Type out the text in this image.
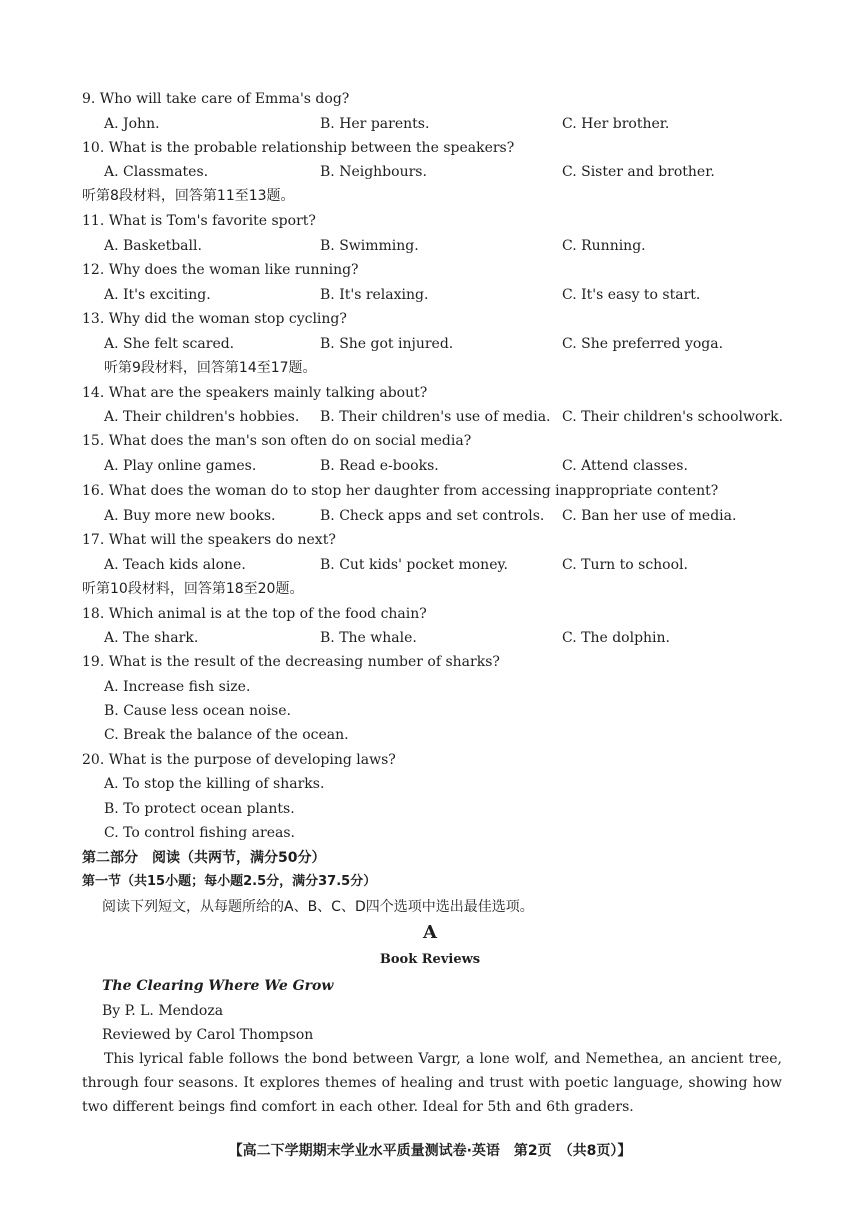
9. Who will take care of Emma's dog?
A. John.	B. Her parents.	C. Her brother.
10. What is the probable relationship between the speakers?
A. Classmates.	B. Neighbours.	C. Sister and brother.
听第8段材料，回答第11至13题。
11. What is Tom's favorite sport?
A. Basketball.	B. Swimming.	C. Running.
12. Why does the woman like running?
A. It's exciting.	B. It's relaxing.	C. It's easy to start.
13. Why did the woman stop cycling?
A. She felt scared.	B. She got injured.	C. She preferred yoga.
听第9段材料，回答第14至17题。
14. What are the speakers mainly talking about?
A. Their children's hobbies. B. Their children's use of media. C. Their children's schoolwork.
15. What does the man's son often do on social media?
A. Play online games.	B. Read e-books.	C. Attend classes.
16. What does the woman do to stop her daughter from accessing inappropriate content?
A. Buy more new books.	B. Check apps and set controls. C. Ban her use of media.
17. What will the speakers do next?
A. Teach kids alone.	B. Cut kids' pocket money.	C. Turn to school.
听第10段材料，回答第18至20题。
18. Which animal is at the top of the food chain?
A. The shark.	B. The whale.	C. The dolphin.
19. What is the result of the decreasing number of sharks?
A. Increase fish size.
B. Cause less ocean noise.
C. Break the balance of the ocean.
20. What is the purpose of developing laws?
A. To stop the killing of sharks.
B. To protect ocean plants.
C. To control fishing areas.
第二部分　阅读（共两节，满分50分）
第一节（共15小题；每小题2.5分，满分37.5分）
阅读下列短文，从每题所给的A、B、C、D四个选项中选出最佳选项。
A
Book Reviews
The Clearing Where We Grow
By P. L. Mendoza
Reviewed by Carol Thompson
This lyrical fable follows the bond between Vargr, a lone wolf, and Nemethea, an ancient tree, through four seasons. It explores themes of healing and trust with poetic language, showing how two different beings find comfort in each other. Ideal for 5th and 6th graders.
【高二下学期期末学业水平质量测试卷·英语　第2页　（共8页）】
